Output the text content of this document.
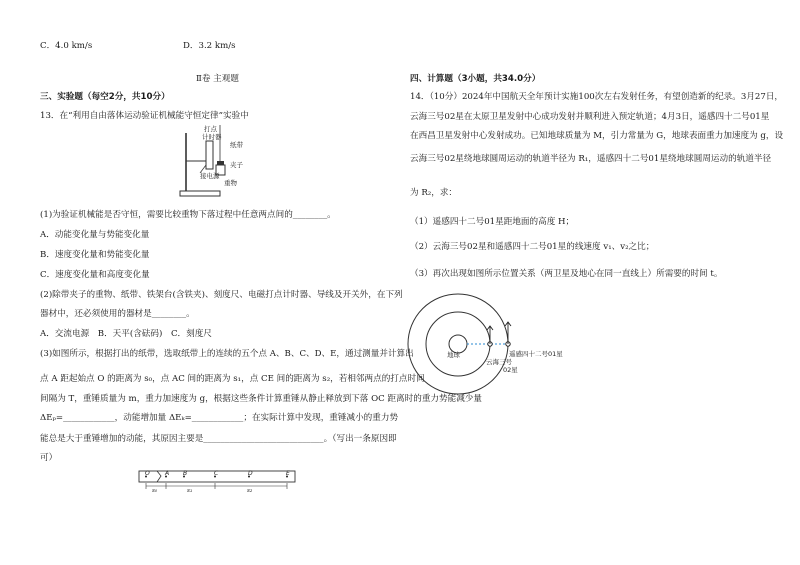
C．4.0 km/s	D．3.2 km/s
Ⅱ卷 主观题
三、实验题（每空2分，共10分）
13．在“利用自由落体运动验证机械能守恒定律”实验中
打点
计时器
纸带
夹子
接电源
重物
(1)为验证机械能是否守恒，需要比较重物下落过程中任意两点间的________。
A．动能变化量与势能变化量
B．速度变化量和势能变化量
C．速度变化量和高度变化量
(2)除带夹子的重物、纸带、铁架台(含铁夹)、刻度尺、电磁打点计时器、导线及开关外，在下列
器材中，还必须使用的器材是________。
A．交流电源　B．天平(含砝码)　C．刻度尺
(3)如图所示，根据打出的纸带，选取纸带上的连续的五个点 A、B、C、D、E，通过测量并计算出
点 A 距起始点 O 的距离为 s₀，点 AC 间的距离为 s₁，点 CE 间的距离为 s₂，若相邻两点的打点时间
间隔为 T，重锤质量为 m，重力加速度为 g，根据这些条件计算重锤从静止释放到下落 OC 距离时的重力势能减少量
ΔEₚ=____________，动能增加量 ΔEₖ=____________；在实际计算中发现，重锤减小的重力势
能总是大于重锤增加的动能，其原因主要是____________________________。（写出一条原因即
可）
O	A B	C	D	E
s₀	s₁	s₂
四、计算题（3小题，共34.0分）
14．（10分）2024年中国航天全年预计实施100次左右发射任务，有望创造新的纪录。3月27日，
云海三号02星在太原卫星发射中心成功发射并顺利进入预定轨道；4月3日，遥感四十二号01星
在西昌卫星发射中心发射成功。已知地球质量为 M，引力常量为 G，地球表面重力加速度为 g，设
云海三号02星绕地球圆周运动的轨道半径为 R₁，遥感四十二号01星绕地球圆周运动的轨道半径
为 R₂，求：
（1）遥感四十二号01星距地面的高度 H；
（2）云海三号02星和遥感四十二号01星的线速度 v₁、v₂之比；
（3）再次出现如图所示位置关系（两卫星及地心在同一直线上）所需要的时间 t。
地球	遥感四十二号01星
云海三号
02星
